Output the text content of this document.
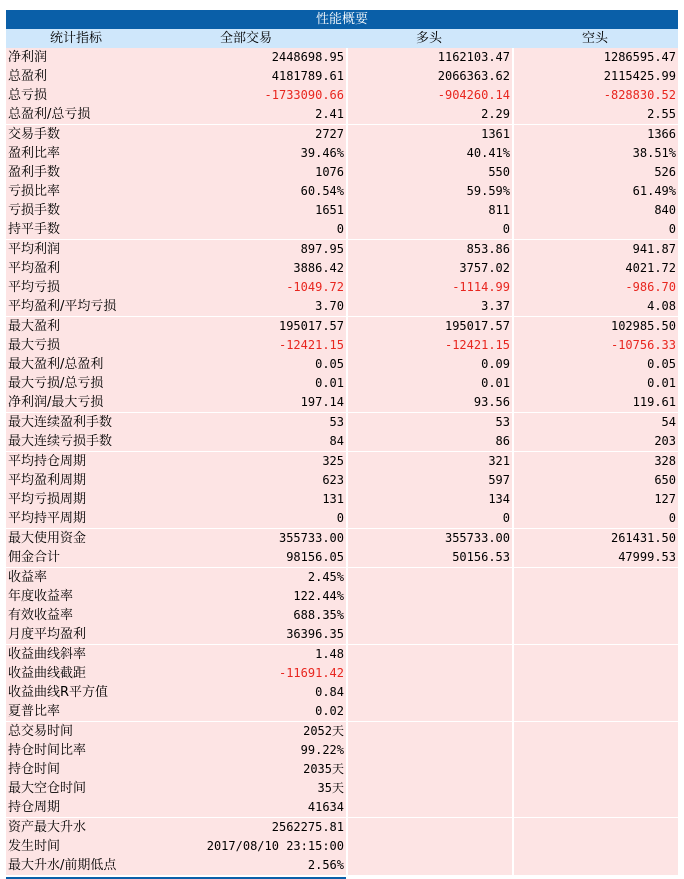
性能概要
统计指标	全部交易	多头	空头
净利润	2448698.95	1162103.47	1286595.47
总盈利	4181789.61	2066363.62	2115425.99
总亏损	-1733090.66	-904260.14	-828830.52
总盈利/总亏损	2.41	2.29	2.55
交易手数	2727	1361	1366
盈利比率	39.46%	40.41%	38.51%
盈利手数	1076	550	526
亏损比率	60.54%	59.59%	61.49%
亏损手数	1651	811	840
持平手数	0	0	0
平均利润	897.95	853.86	941.87
平均盈利	3886.42	3757.02	4021.72
平均亏损	-1049.72	-1114.99	-986.70
平均盈利/平均亏损	3.70	3.37	4.08
最大盈利	195017.57	195017.57	102985.50
最大亏损	-12421.15	-12421.15	-10756.33
最大盈利/总盈利	0.05	0.09	0.05
最大亏损/总亏损	0.01	0.01	0.01
净利润/最大亏损	197.14	93.56	119.61
最大连续盈利手数	53	53	54
最大连续亏损手数	84	86	203
平均持仓周期	325	321	328
平均盈利周期	623	597	650
平均亏损周期	131	134	127
平均持平周期	0	0	0
最大使用资金	355733.00	355733.00	261431.50
佣金合计	98156.05	50156.53	47999.53
收益率	2.45%
年度收益率	122.44%
有效收益率	688.35%
月度平均盈利	36396.35
收益曲线斜率	1.48
收益曲线截距	-11691.42
收益曲线R平方值	0.84
夏普比率	0.02
总交易时间	2052天
持仓时间比率	99.22%
持仓时间	2035天
最大空仓时间	35天
持仓周期	41634
资产最大升水	2562275.81
发生时间	2017/08/10 23:15:00
最大升水/前期低点	2.56%
